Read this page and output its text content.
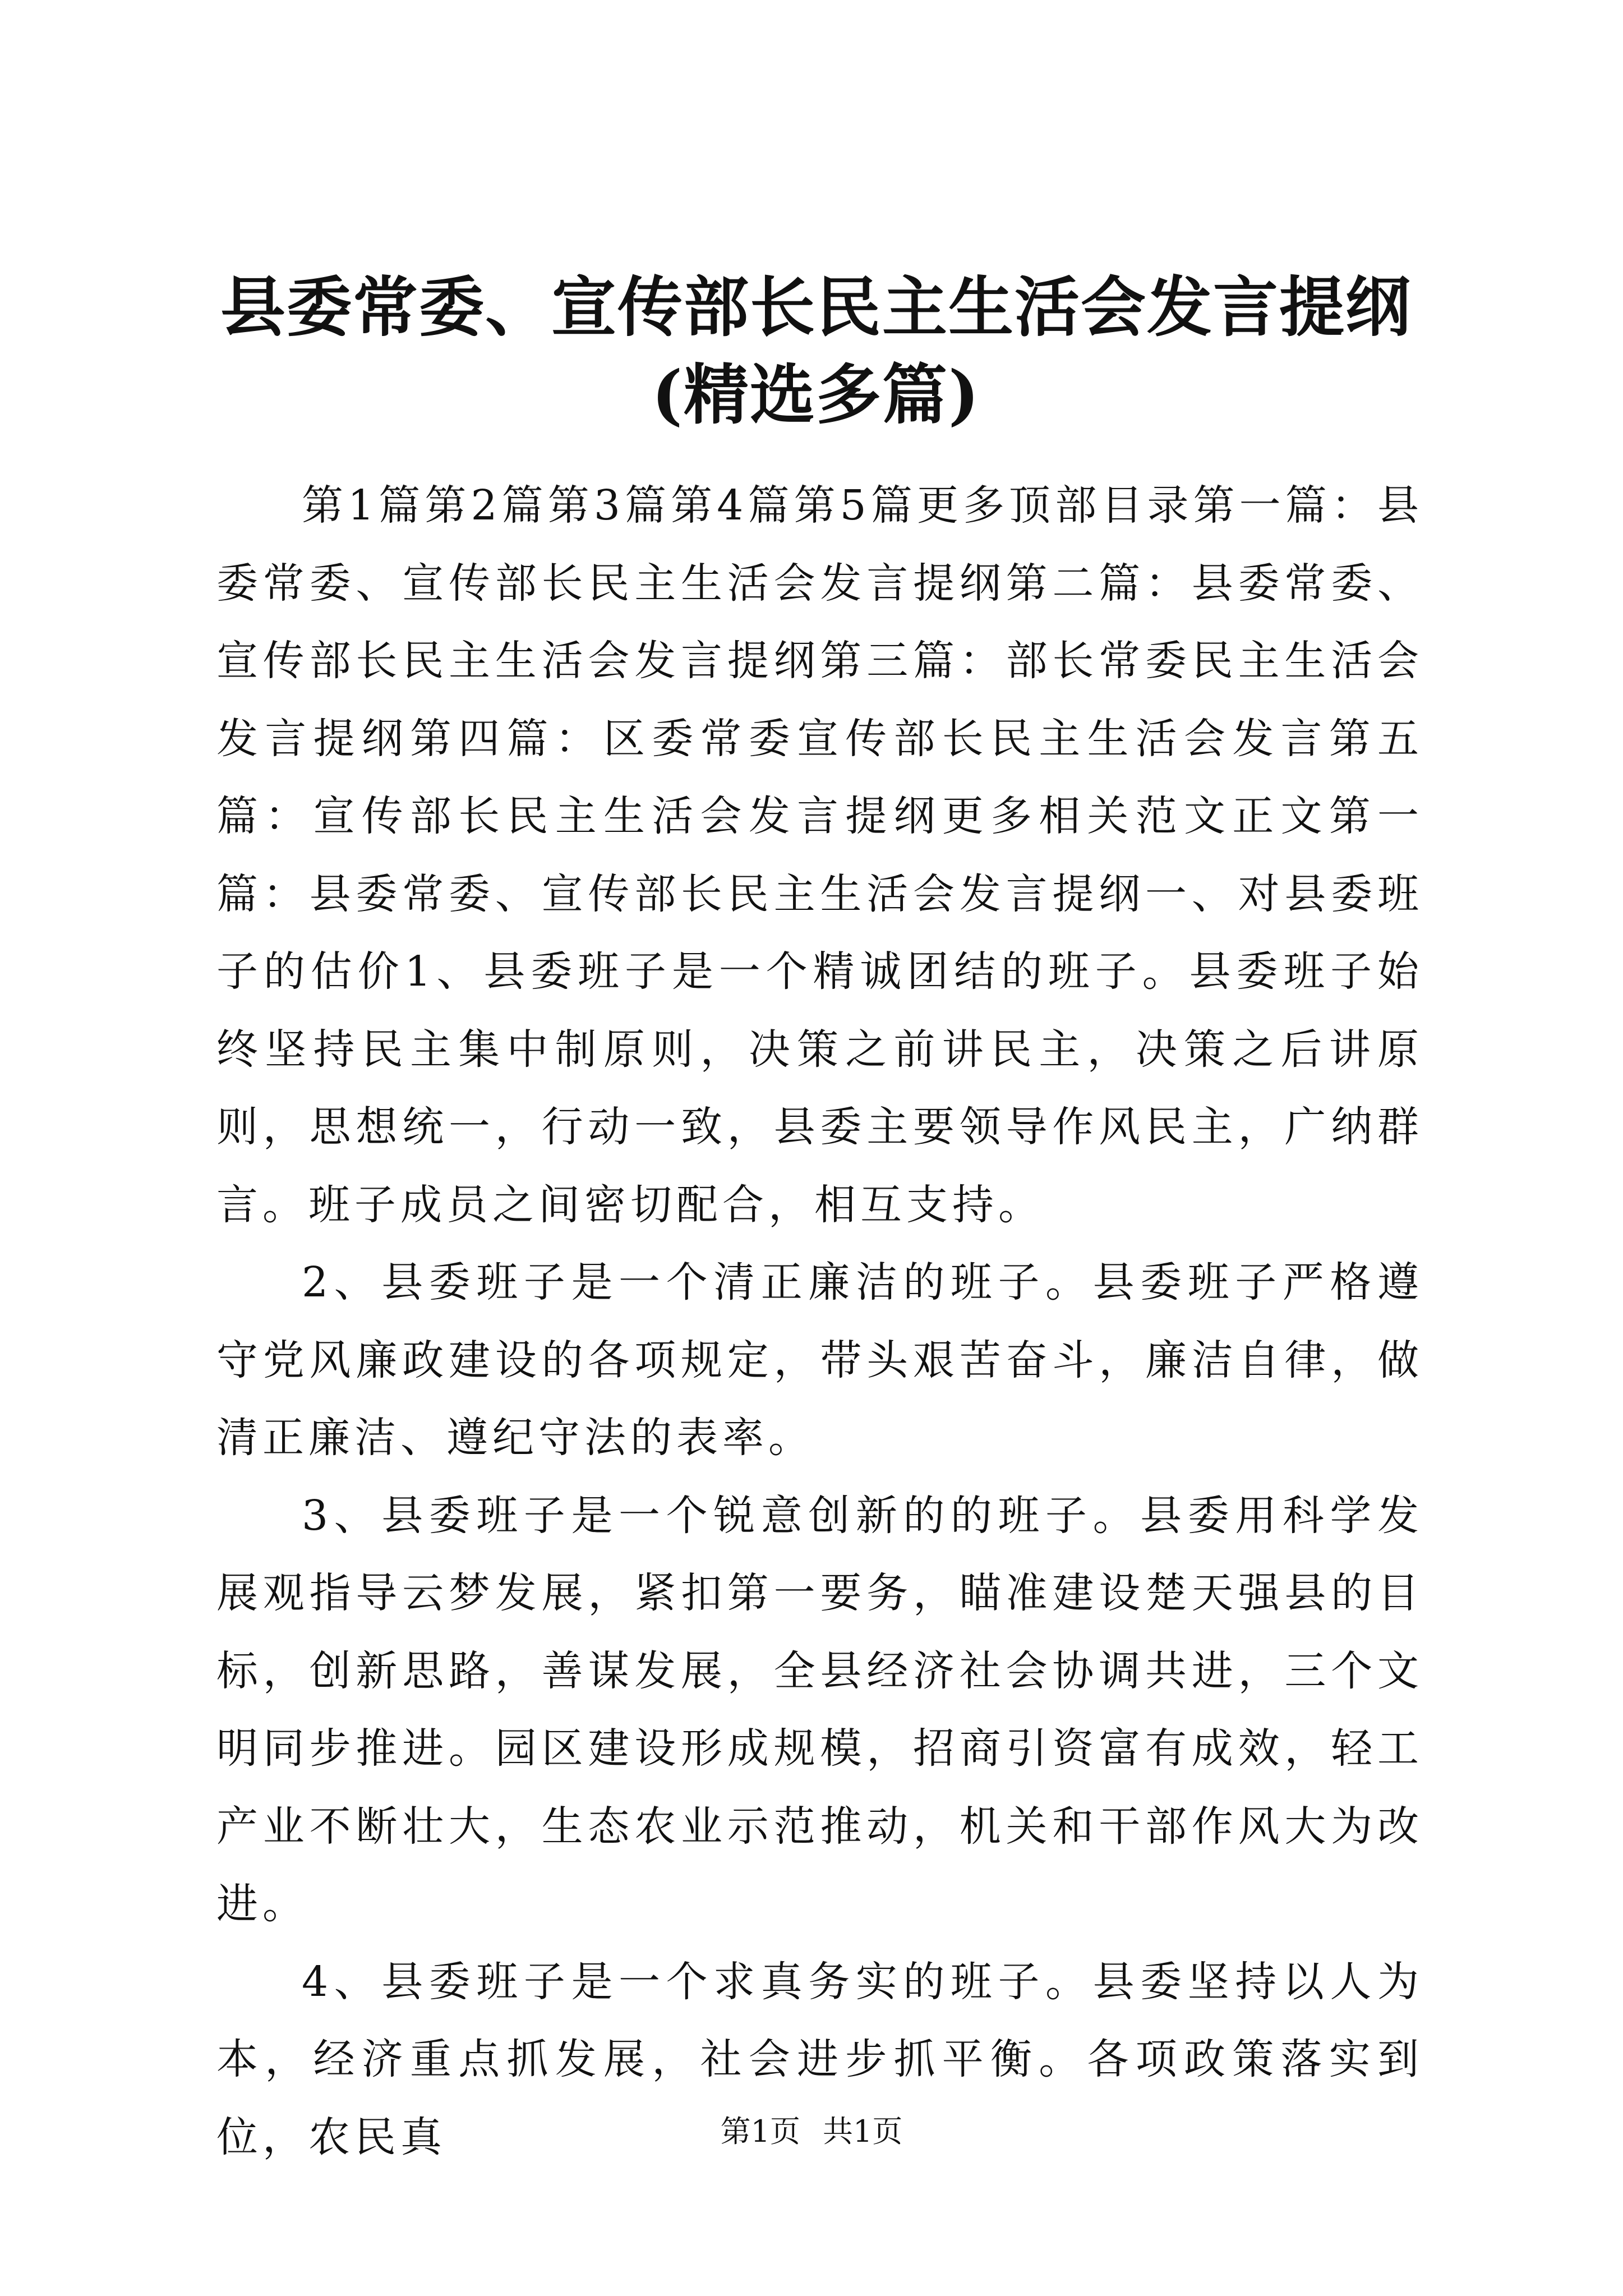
县委常委、宣传部长民主生活会发言提纲(精选多篇)

第1篇第2篇第3篇第4篇第5篇更多顶部目录第一篇：县委常委、宣传部长民主生活会发言提纲第二篇：县委常委、宣传部长民主生活会发言提纲第三篇：部长常委民主生活会发言提纲第四篇：区委常委宣传部长民主生活会发言第五篇：宣传部长民主生活会发言提纲更多相关范文正文第一篇：县委常委、宣传部长民主生活会发言提纲一、对县委班子的估价1、县委班子是一个精诚团结的班子。县委班子始终坚持民主集中制原则，决策之前讲民主，决策之后讲原则，思想统一，行动一致，县委主要领导作风民主，广纳群言。班子成员之间密切配合，相互支持。

2、县委班子是一个清正廉洁的班子。县委班子严格遵守党风廉政建设的各项规定，带头艰苦奋斗，廉洁自律，做清正廉洁、遵纪守法的表率。

3、县委班子是一个锐意创新的的班子。县委用科学发展观指导云梦发展，紧扣第一要务，瞄准建设楚天强县的目标，创新思路，善谋发展，全县经济社会协调共进，三个文明同步推进。园区建设形成规模，招商引资富有成效，轻工产业不断壮大，生态农业示范推动，机关和干部作风大为改进。

4、县委班子是一个求真务实的班子。县委坚持以人为本，经济重点抓发展，社会进步抓平衡。各项政策落实到位，农民真	第1页 共1页
